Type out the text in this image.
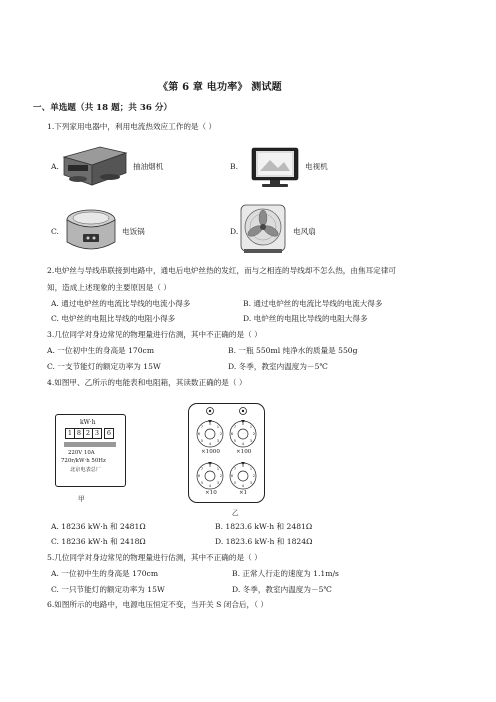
《第 6 章 电功率》 测试题
一、单选题（共 18 题；共 36 分）
1.下列家用电器中，利用电流热效应工作的是（ ）
A.	抽油烟机	B.	电视机
C.	电饭锅	D.	电风扇
2.电炉丝与导线串联接到电路中，通电后电炉丝热的发红，而与之相连的导线却不怎么热，由焦耳定律可
知，造成上述现象的主要原因是（ ）
A. 通过电炉丝的电流比导线的电流小得多	B. 通过电炉丝的电流比导线的电流大得多
C. 电炉丝的电阻比导线的电阻小得多	D. 电炉丝的电阻比导线的电阻大得多
3.几位同学对身边常见的物理量进行估测，其中不正确的是（ ）
A. 一位初中生的身高是 170cm	B. 一瓶 550ml 纯净水的质量是 550g
C. 一支节能灯的额定功率为 15W	D. 冬季，教室内温度为－5℃
4.如图甲、乙所示的电能表和电阻箱，其读数正确的是（ ）
kW·h
1 8 2 3	6
220V 10A
720r/kW·h 50Hz
北京电表总厂
甲
0
1
2
3
4
5
6
7
0
1
2
3
4
5
6
7
0
1
2
3
4
5
6
7
0
1
2
3
4
5
6
7
×1000	×100
×10	×1
乙
A. 18236 kW·h 和 2481Ω	B. 1823.6 kW·h 和 2481Ω
C. 18236 kW·h 和 2418Ω	D. 1823.6 kW·h 和 1824Ω
5.几位同学对身边常见的物理量进行估测，其中不正确的是（ ）
A. 一位初中生的身高是 170cm	B. 正常人行走的速度为 1.1m/s
C. 一只节能灯的额定功率为 15W	D. 冬季，教室内温度为－5℃
6.如图所示的电路中，电源电压恒定不变，当开关 S 闭合后，（ ）
